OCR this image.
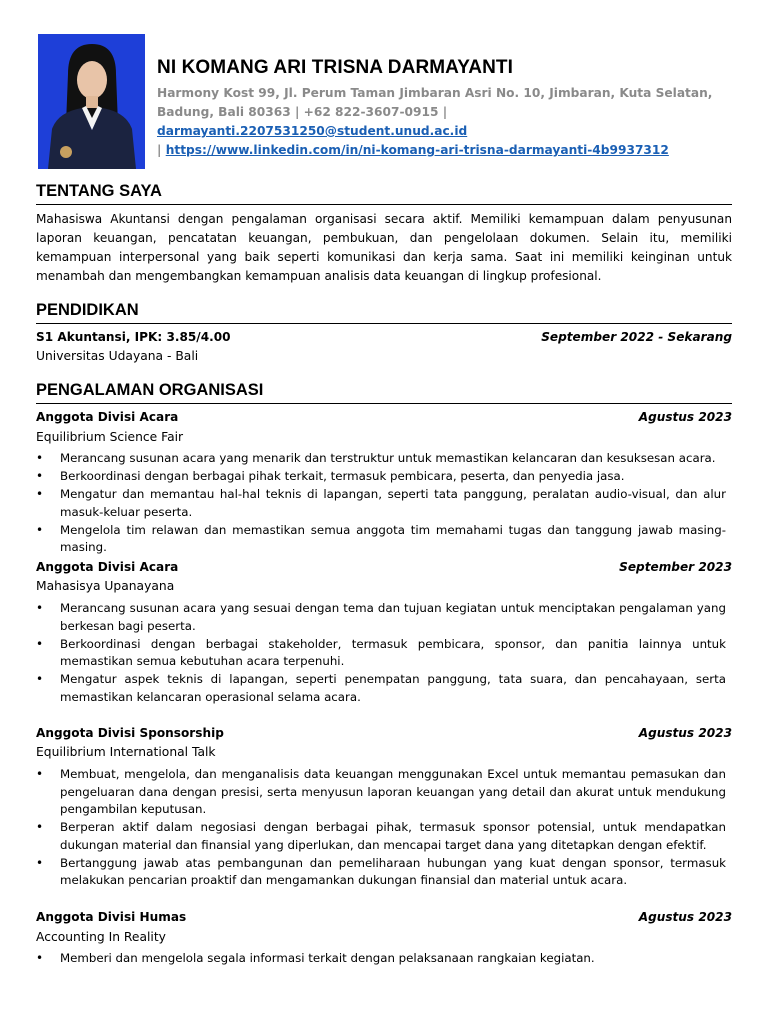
NI KOMANG ARI TRISNA DARMAYANTI
Harmony Kost 99, Jl. Perum Taman Jimbaran Asri No. 10, Jimbaran, Kuta Selatan, Badung, Bali 80363 | +62 822-3607-0915 | darmayanti.2207531250@student.unud.ac.id
| https://www.linkedin.com/in/ni-komang-ari-trisna-darmayanti-4b9937312
TENTANG SAYA
Mahasiswa Akuntansi dengan pengalaman organisasi secara aktif. Memiliki kemampuan dalam penyusunan laporan keuangan, pencatatan keuangan, pembukuan, dan pengelolaan dokumen. Selain itu, memiliki kemampuan interpersonal yang baik seperti komunikasi dan kerja sama. Saat ini memiliki keinginan untuk menambah dan mengembangkan kemampuan analisis data keuangan di lingkup profesional.
PENDIDIKAN
S1 Akuntansi, IPK: 3.85/4.00	September 2022 - Sekarang
Universitas Udayana - Bali
PENGALAMAN ORGANISASI
Anggota Divisi Acara	Agustus 2023
Equilibrium Science Fair
• Merancang susunan acara yang menarik dan terstruktur untuk memastikan kelancaran dan kesuksesan acara.
• Berkoordinasi dengan berbagai pihak terkait, termasuk pembicara, peserta, dan penyedia jasa.
• Mengatur dan memantau hal-hal teknis di lapangan, seperti tata panggung, peralatan audio-visual, dan alur masuk-keluar peserta.
• Mengelola tim relawan dan memastikan semua anggota tim memahami tugas dan tanggung jawab masing-masing.
Anggota Divisi Acara	September 2023
Mahasisya Upanayana
• Merancang susunan acara yang sesuai dengan tema dan tujuan kegiatan untuk menciptakan pengalaman yang berkesan bagi peserta.
• Berkoordinasi dengan berbagai stakeholder, termasuk pembicara, sponsor, dan panitia lainnya untuk memastikan semua kebutuhan acara terpenuhi.
• Mengatur aspek teknis di lapangan, seperti penempatan panggung, tata suara, dan pencahayaan, serta memastikan kelancaran operasional selama acara.
Anggota Divisi Sponsorship	Agustus 2023
Equilibrium International Talk
• Membuat, mengelola, dan menganalisis data keuangan menggunakan Excel untuk memantau pemasukan dan pengeluaran dana dengan presisi, serta menyusun laporan keuangan yang detail dan akurat untuk mendukung pengambilan keputusan.
• Berperan aktif dalam negosiasi dengan berbagai pihak, termasuk sponsor potensial, untuk mendapatkan dukungan material dan finansial yang diperlukan, dan mencapai target dana yang ditetapkan dengan efektif.
• Bertanggung jawab atas pembangunan dan pemeliharaan hubungan yang kuat dengan sponsor, termasuk melakukan pencarian proaktif dan mengamankan dukungan finansial dan material untuk acara.
Anggota Divisi Humas	Agustus 2023
Accounting In Reality
• Memberi dan mengelola segala informasi terkait dengan pelaksanaan rangkaian kegiatan.
